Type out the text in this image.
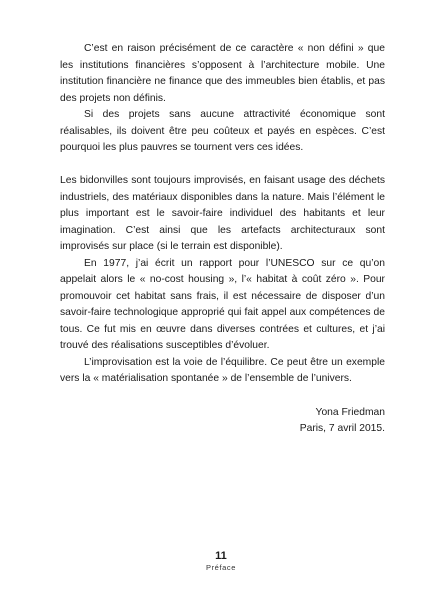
C’est en raison précisément de ce caractère « non défini » que les institutions financières s’opposent à l’architecture mobile. Une institution financière ne finance que des immeubles bien établis, et pas des projets non définis.

Si des projets sans aucune attractivité économique sont réalisables, ils doivent être peu coûteux et payés en espèces. C’est pourquoi les plus pauvres se tournent vers ces idées.

Les bidonvilles sont toujours improvisés, en faisant usage des déchets industriels, des matériaux disponibles dans la nature. Mais l’élément le plus important est le savoir-faire individuel des habitants et leur imagination. C’est ainsi que les artefacts architecturaux sont improvisés sur place (si le terrain est disponible).

En 1977, j’ai écrit un rapport pour l’UNESCO sur ce qu’on appelait alors le « no-cost housing », l’« habitat à coût zéro ». Pour promouvoir cet habitat sans frais, il est nécessaire de disposer d’un savoir-faire technologique approprié qui fait appel aux compétences de tous. Ce fut mis en œuvre dans diverses contrées et cultures, et j’ai trouvé des réalisations susceptibles d’évoluer.

L’improvisation est la voie de l’équilibre. Ce peut être un exemple vers la « matérialisation spontanée » de l’ensemble de l’univers.

Yona Friedman
Paris, 7 avril 2015.
11
Préface
